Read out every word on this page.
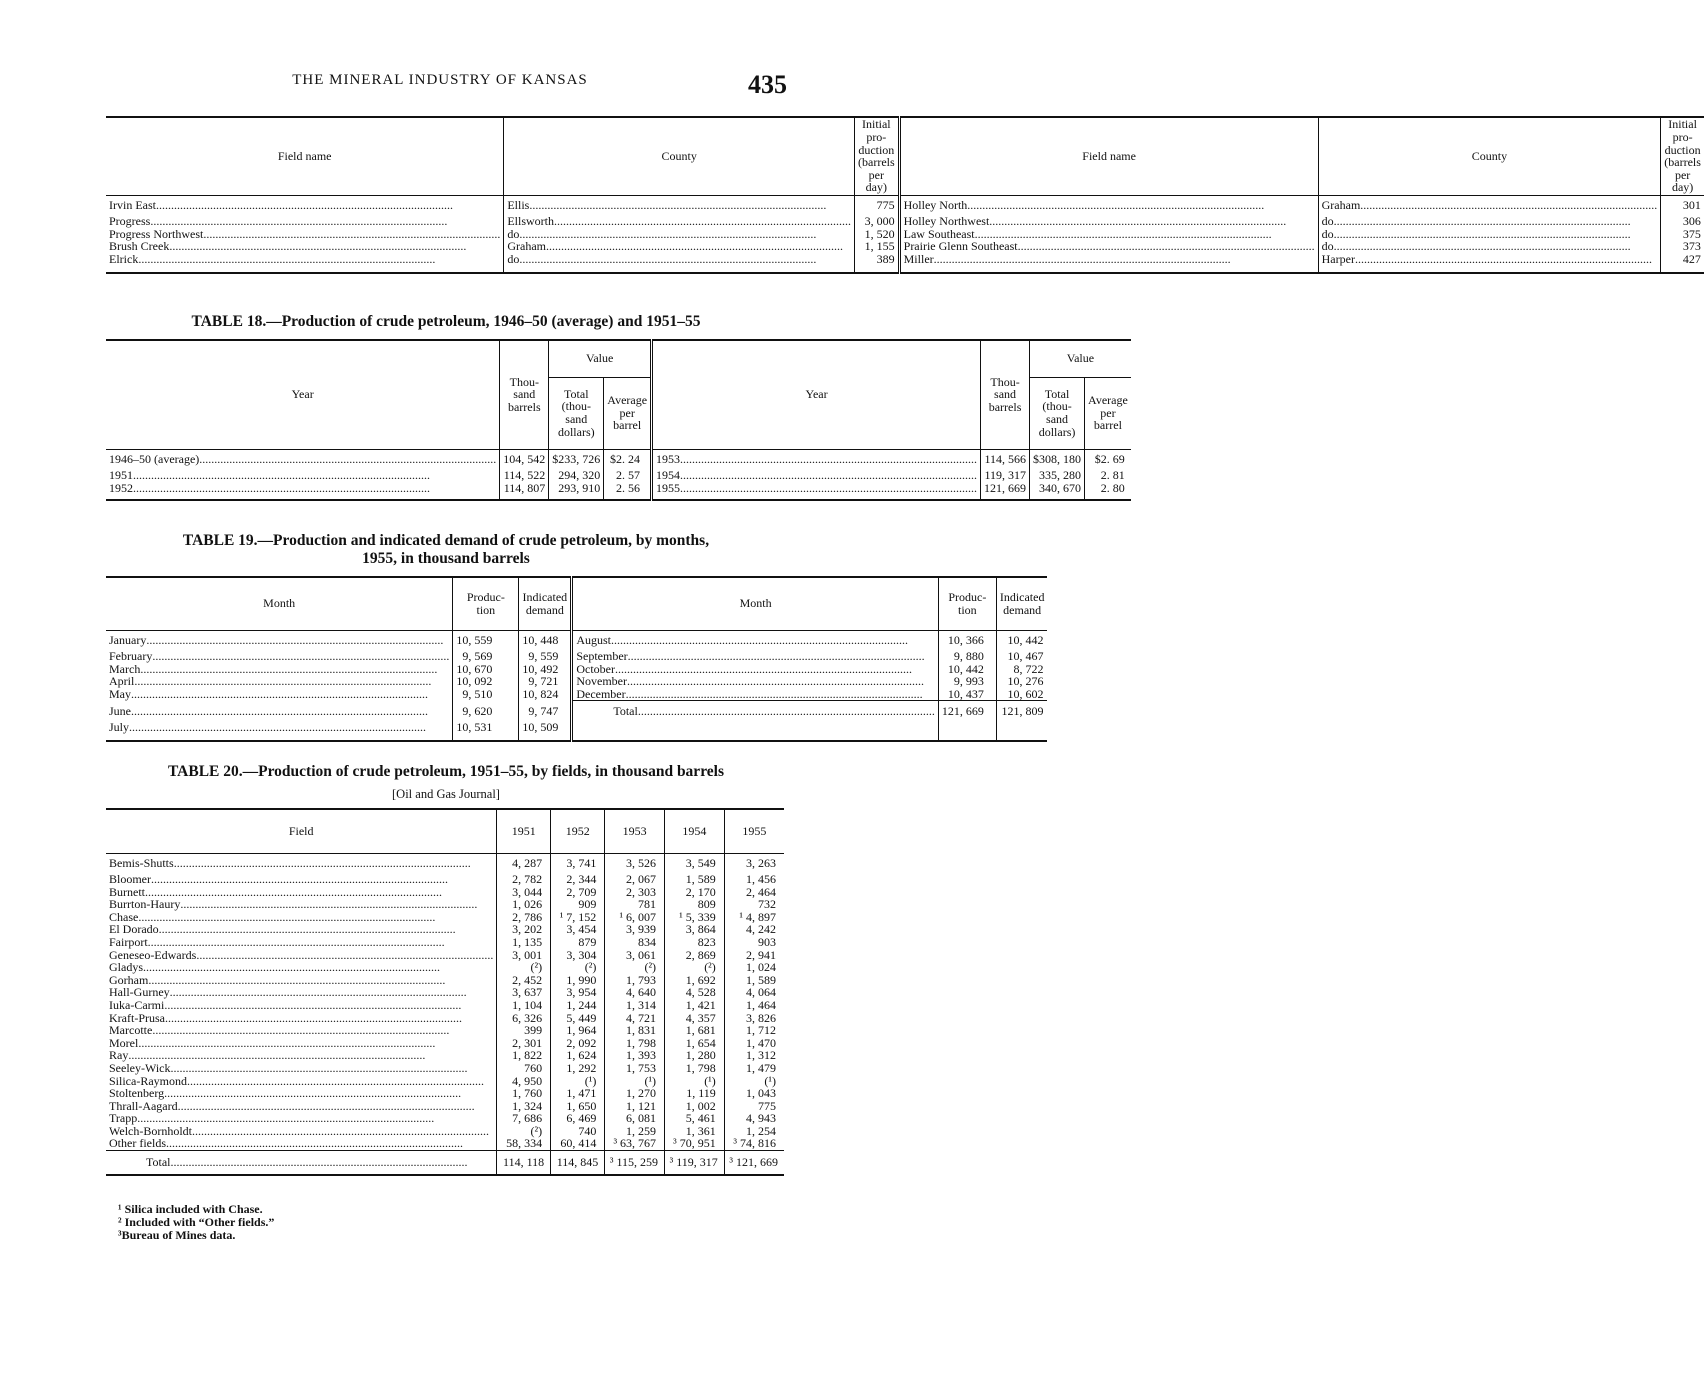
THE MINERAL INDUSTRY OF KANSAS	435
Field name	County	Initial pro- duction (barrels per day)	Field name	County	Initial pro- duction (barrels per day)

Irvin East ...................................................................................................	Ellis ...................................................................................................	775	Holley North ...................................................................................................	Graham ...................................................................................................	301

Progress ...................................................................................................	Ellsworth ...................................................................................................	3, 000	Holley Northwest ...................................................................................................	do ...................................................................................................	306

Progress Northwest ...................................................................................................	do ...................................................................................................	1, 520	Law Southeast ...................................................................................................	do ...................................................................................................	375

Brush Creek ...................................................................................................	Graham ...................................................................................................	1, 155	Prairie Glenn Southeast ...................................................................................................	do ...................................................................................................	373

Elrick ...................................................................................................	do ...................................................................................................	389	Miller ...................................................................................................	Harper ...................................................................................................	427

TABLE 18.—Production of crude petroleum, 1946–50 (average) and 1951–55
Year	Thou- sand barrels	Value		Year	Thou- sand barrels	Value	
		Total (thou- sand dollars)	Average per barrel			Total (thou- sand dollars)	Average per barrel

1946–50 (average) ...................................................................................................	104, 542	$233, 726	$2. 24	1953 ...................................................................................................	114, 566	$308, 180	$2. 69

1951 ...................................................................................................	114, 522	294, 320	2. 57	1954 ...................................................................................................	119, 317	335, 280	2. 81

1952 ...................................................................................................	114, 807	293, 910	2. 56	1955 ...................................................................................................	121, 669	340, 670	2. 80

TABLE 19.—Production and indicated demand of crude petroleum, by months,
1955, in thousand barrels
Month	Produc- tion	Indicated demand	Month	Produc- tion	Indicated demand

January ...................................................................................................	10, 559	10, 448	August ...................................................................................................	10, 366	10, 442

February ...................................................................................................	9, 569	9, 559	September ...................................................................................................	9, 880	10, 467

March ...................................................................................................	10, 670	10, 492	October ...................................................................................................	10, 442	8, 722

April ...................................................................................................	10, 092	9, 721	November ...................................................................................................	9, 993	10, 276

May ...................................................................................................	9, 510	10, 824	December ...................................................................................................	10, 437	10, 602

June ...................................................................................................	9, 620	9, 747	Total ...................................................................................................	121, 669	121, 809

July ...................................................................................................	10, 531	10, 509			

TABLE 20.—Production of crude petroleum, 1951–55, by fields, in thousand barrels
[Oil and Gas Journal]
Field	1951	1952	1953	1954	1955

Bemis-Shutts ...................................................................................................	4, 287	3, 741	3, 526	3, 549	3, 263

Bloomer ...................................................................................................	2, 782	2, 344	2, 067	1, 589	1, 456

Burnett ...................................................................................................	3, 044	2, 709	2, 303	2, 170	2, 464

Burrton-Haury ...................................................................................................	1, 026	909	781	809	732

Chase ...................................................................................................	2, 786	¹ 7, 152	¹ 6, 007	¹ 5, 339	¹ 4, 897

El Dorado ...................................................................................................	3, 202	3, 454	3, 939	3, 864	4, 242

Fairport ...................................................................................................	1, 135	879	834	823	903

Geneseo-Edwards ...................................................................................................	3, 001	3, 304	3, 061	2, 869	2, 941

Gladys ...................................................................................................	(²)	(²)	(²)	(²)	1, 024

Gorham ...................................................................................................	2, 452	1, 990	1, 793	1, 692	1, 589

Hall-Gurney ...................................................................................................	3, 637	3, 954	4, 640	4, 528	4, 064

Iuka-Carmi ...................................................................................................	1, 104	1, 244	1, 314	1, 421	1, 464

Kraft-Prusa ...................................................................................................	6, 326	5, 449	4, 721	4, 357	3, 826

Marcotte ...................................................................................................	399	1, 964	1, 831	1, 681	1, 712

Morel ...................................................................................................	2, 301	2, 092	1, 798	1, 654	1, 470

Ray ...................................................................................................	1, 822	1, 624	1, 393	1, 280	1, 312

Seeley-Wick ...................................................................................................	760	1, 292	1, 753	1, 798	1, 479

Silica-Raymond ...................................................................................................	4, 950	(¹)	(¹)	(¹)	(¹)

Stoltenberg ...................................................................................................	1, 760	1, 471	1, 270	1, 119	1, 043

Thrall-Aagard ...................................................................................................	1, 324	1, 650	1, 121	1, 002	775

Trapp ...................................................................................................	7, 686	6, 469	6, 081	5, 461	4, 943

Welch-Bornholdt ...................................................................................................	(²)	740	1, 259	1, 361	1, 254

Other fields ...................................................................................................	58, 334	60, 414	³ 63, 767	³ 70, 951	³ 74, 816

Total ...................................................................................................	114, 118	114, 845	³ 115, 259	³ 119, 317	³ 121, 669
¹ Silica included with Chase.
² Included with “Other fields.”
³Bureau of Mines data.
